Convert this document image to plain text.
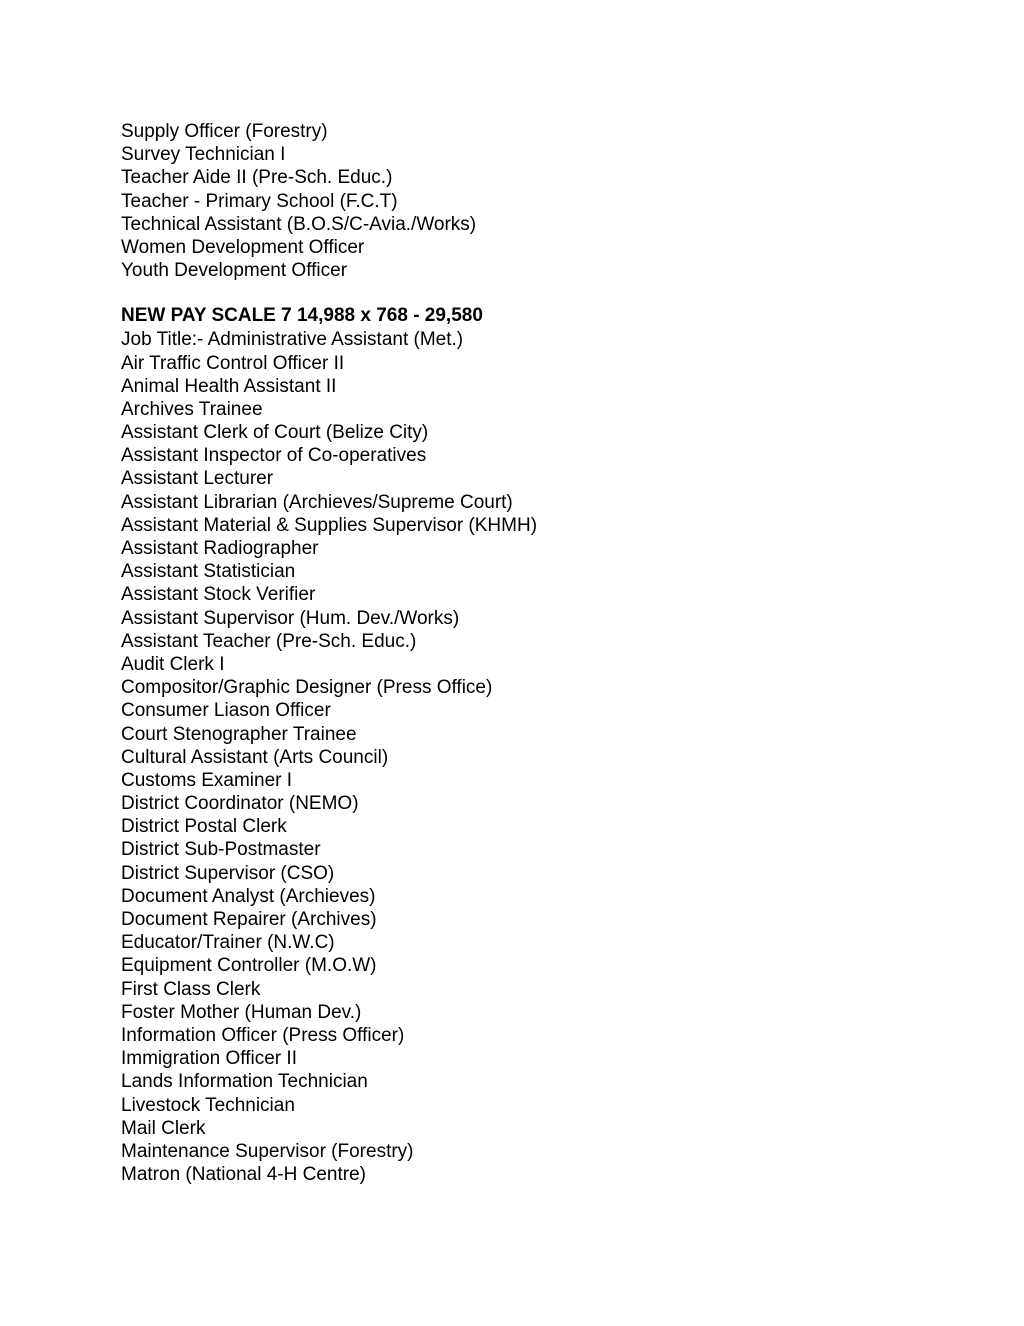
Supply Officer (Forestry)
Survey Technician I
Teacher Aide II (Pre-Sch. Educ.)
Teacher - Primary School (F.C.T)
Technical Assistant (B.O.S/C-Avia./Works)
Women Development Officer
Youth Development Officer
NEW PAY SCALE 7 14,988 x 768 - 29,580
Job Title:- Administrative Assistant (Met.)
Air Traffic Control Officer II
Animal Health Assistant II
Archives Trainee
Assistant Clerk of Court (Belize City)
Assistant Inspector of Co-operatives
Assistant Lecturer
Assistant Librarian (Archieves/Supreme Court)
Assistant Material & Supplies Supervisor (KHMH)
Assistant Radiographer
Assistant Statistician
Assistant Stock Verifier
Assistant Supervisor (Hum. Dev./Works)
Assistant Teacher (Pre-Sch. Educ.)
Audit Clerk I
Compositor/Graphic Designer (Press Office)
Consumer Liason Officer
Court Stenographer Trainee
Cultural Assistant (Arts Council)
Customs Examiner I
District Coordinator (NEMO)
District Postal Clerk
District Sub-Postmaster
District Supervisor (CSO)
Document Analyst (Archieves)
Document Repairer (Archives)
Educator/Trainer (N.W.C)
Equipment Controller (M.O.W)
First Class Clerk
Foster Mother (Human Dev.)
Information Officer (Press Officer)
Immigration Officer II
Lands Information Technician
Livestock Technician
Mail Clerk
Maintenance Supervisor (Forestry)
Matron (National 4-H Centre)
